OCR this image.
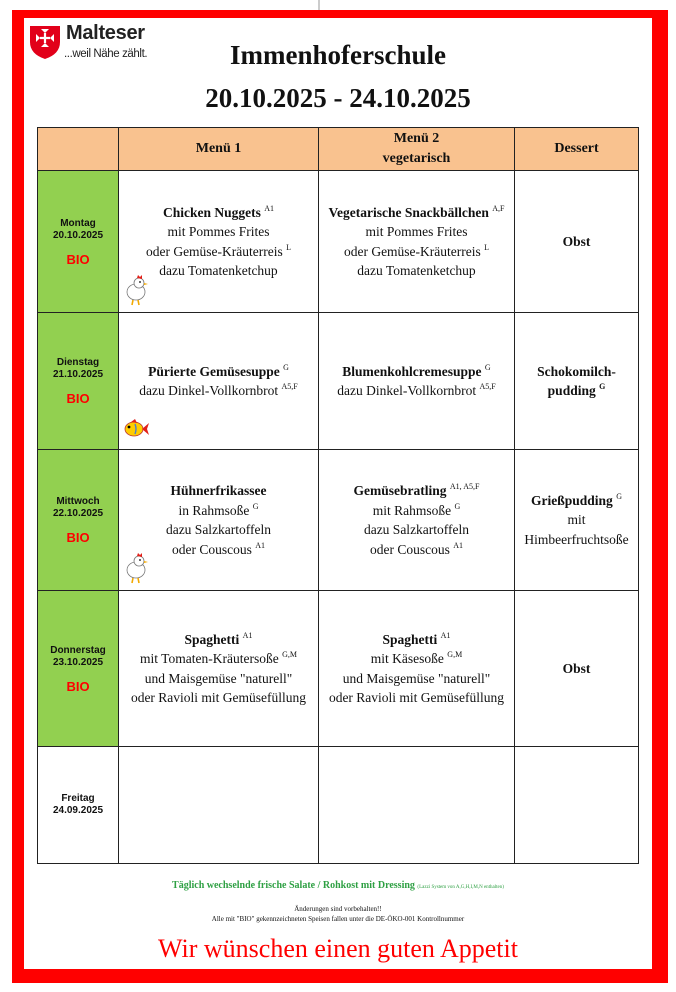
Malteser
...weil Nähe zählt.	Immenhoferschule
20.10.2025 - 24.10.2025
	Menü 1	Menü 2
vegetarisch	Dessert
Montag
20.10.2025
BIO	Chicken Nuggets $^{A1}$
mit Pommes Frites
oder Gemüse-Kräuterreis $^L$
dazu Tomatenketchup	Vegetarische Snackbällchen $^{A,F}$
mit Pommes Frites
oder Gemüse-Kräuterreis $^L$
dazu Tomatenketchup	Obst
Dienstag
21.10.2025
BIO	Pürierte Gemüsesuppe $^G$
dazu Dinkel-Vollkornbrot $^{A5,F}$	Blumenkohlcremesuppe $^G$
dazu Dinkel-Vollkornbrot $^{A5,F}$	Schokomilch-
pudding $^G$
Mittwoch
22.10.2025
BIO	Hühnerfrikassee
in Rahmsoße $^G$
dazu Salzkartoffeln
oder Couscous $^{A1}$	Gemüsebratling $^{A1, A5,F}$
mit Rahmsoße $^G$
dazu Salzkartoffeln
oder Couscous $^{A1}$	Grießpudding $^G$
mit
Himbeerfruchtsoße
Donnerstag
23.10.2025
BIO	Spaghetti $^{A1}$
mit Tomaten-Kräutersoße $^{G,M}$
und Maisgemüse "naturell"
oder Ravioli mit Gemüsefüllung	Spaghetti $^{A1}$
mit Käsesoße $^{G,M}$
und Maisgemüse "naturell"
oder Ravioli mit Gemüsefüllung	Obst
Freitag
24.09.2025			
Täglich wechselnde frische Salate / Rohkost mit Dressing (Lazzi System von A,G,H,I,M,N enthalten)
Änderungen sind vorbehalten!!
Alle mit "BIO" gekennzeichneten Speisen fallen unter die DE-ÖKO-001 Kontrollnummer
Wir wünschen einen guten Appetit
